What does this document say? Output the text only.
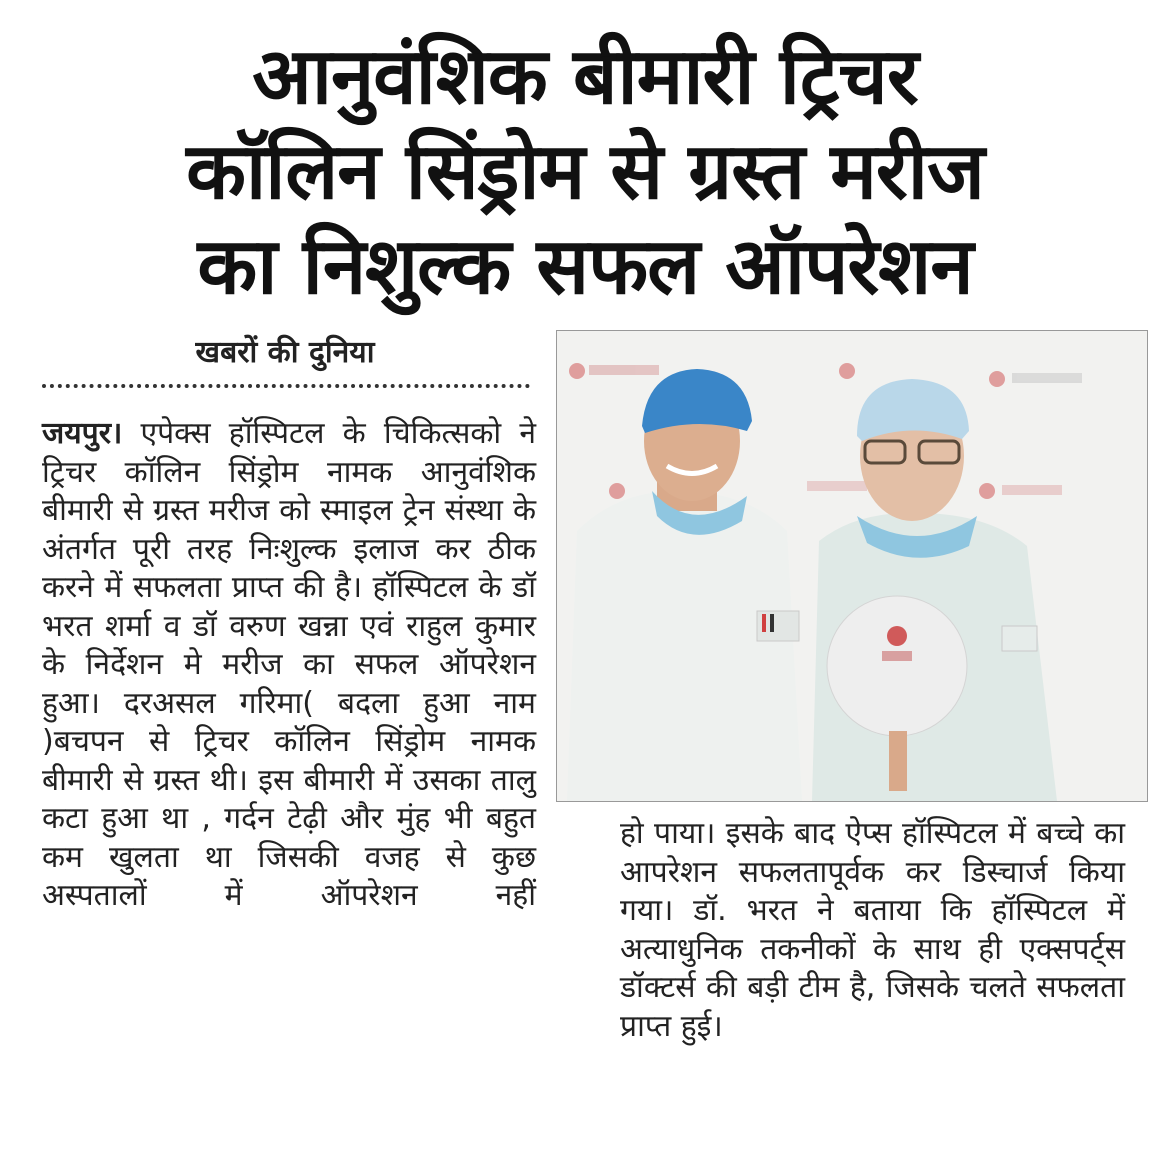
आनुवंशिक बीमारी ट्रिचर
कॉलिन सिंड्रोम से ग्रस्त मरीज
का निशुल्क सफल ऑपरेशन
खबरों की दुनिया
जयपुर। एपेक्स हॉस्पिटल के चिकित्सको ने ट्रिचर कॉलिन सिंड्रोम नामक आनुवंशिक बीमारी से ग्रस्त मरीज को स्माइल ट्रेन संस्था के अंतर्गत पूरी तरह निःशुल्क इलाज कर ठीक करने में सफलता प्राप्त की है। हॉस्पिटल के डॉ भरत शर्मा व डॉ वरुण खन्ना एवं राहुल कुमार के निर्देशन मे मरीज का सफल ऑपरेशन हुआ। दरअसल गरिमा( बदला हुआ नाम )बचपन से ट्रिचर कॉलिन सिंड्रोम नामक बीमारी से ग्रस्त थी। इस बीमारी में उसका तालु कटा हुआ था , गर्दन टेढ़ी और मुंह भी बहुत कम खुलता था जिसकी वजह से कुछ अस्पतालों में ऑपरेशन नहीं
हो पाया। इसके बाद ऐप्स हॉस्पिटल में बच्चे का आपरेशन सफलतापूर्वक कर डिस्चार्ज किया गया। डॉ. भरत ने बताया कि हॉस्पिटल में अत्याधुनिक तकनीकों के साथ ही एक्सपर्ट्स डॉक्टर्स की बड़ी टीम है, जिसके चलते सफलता प्राप्त हुई।
